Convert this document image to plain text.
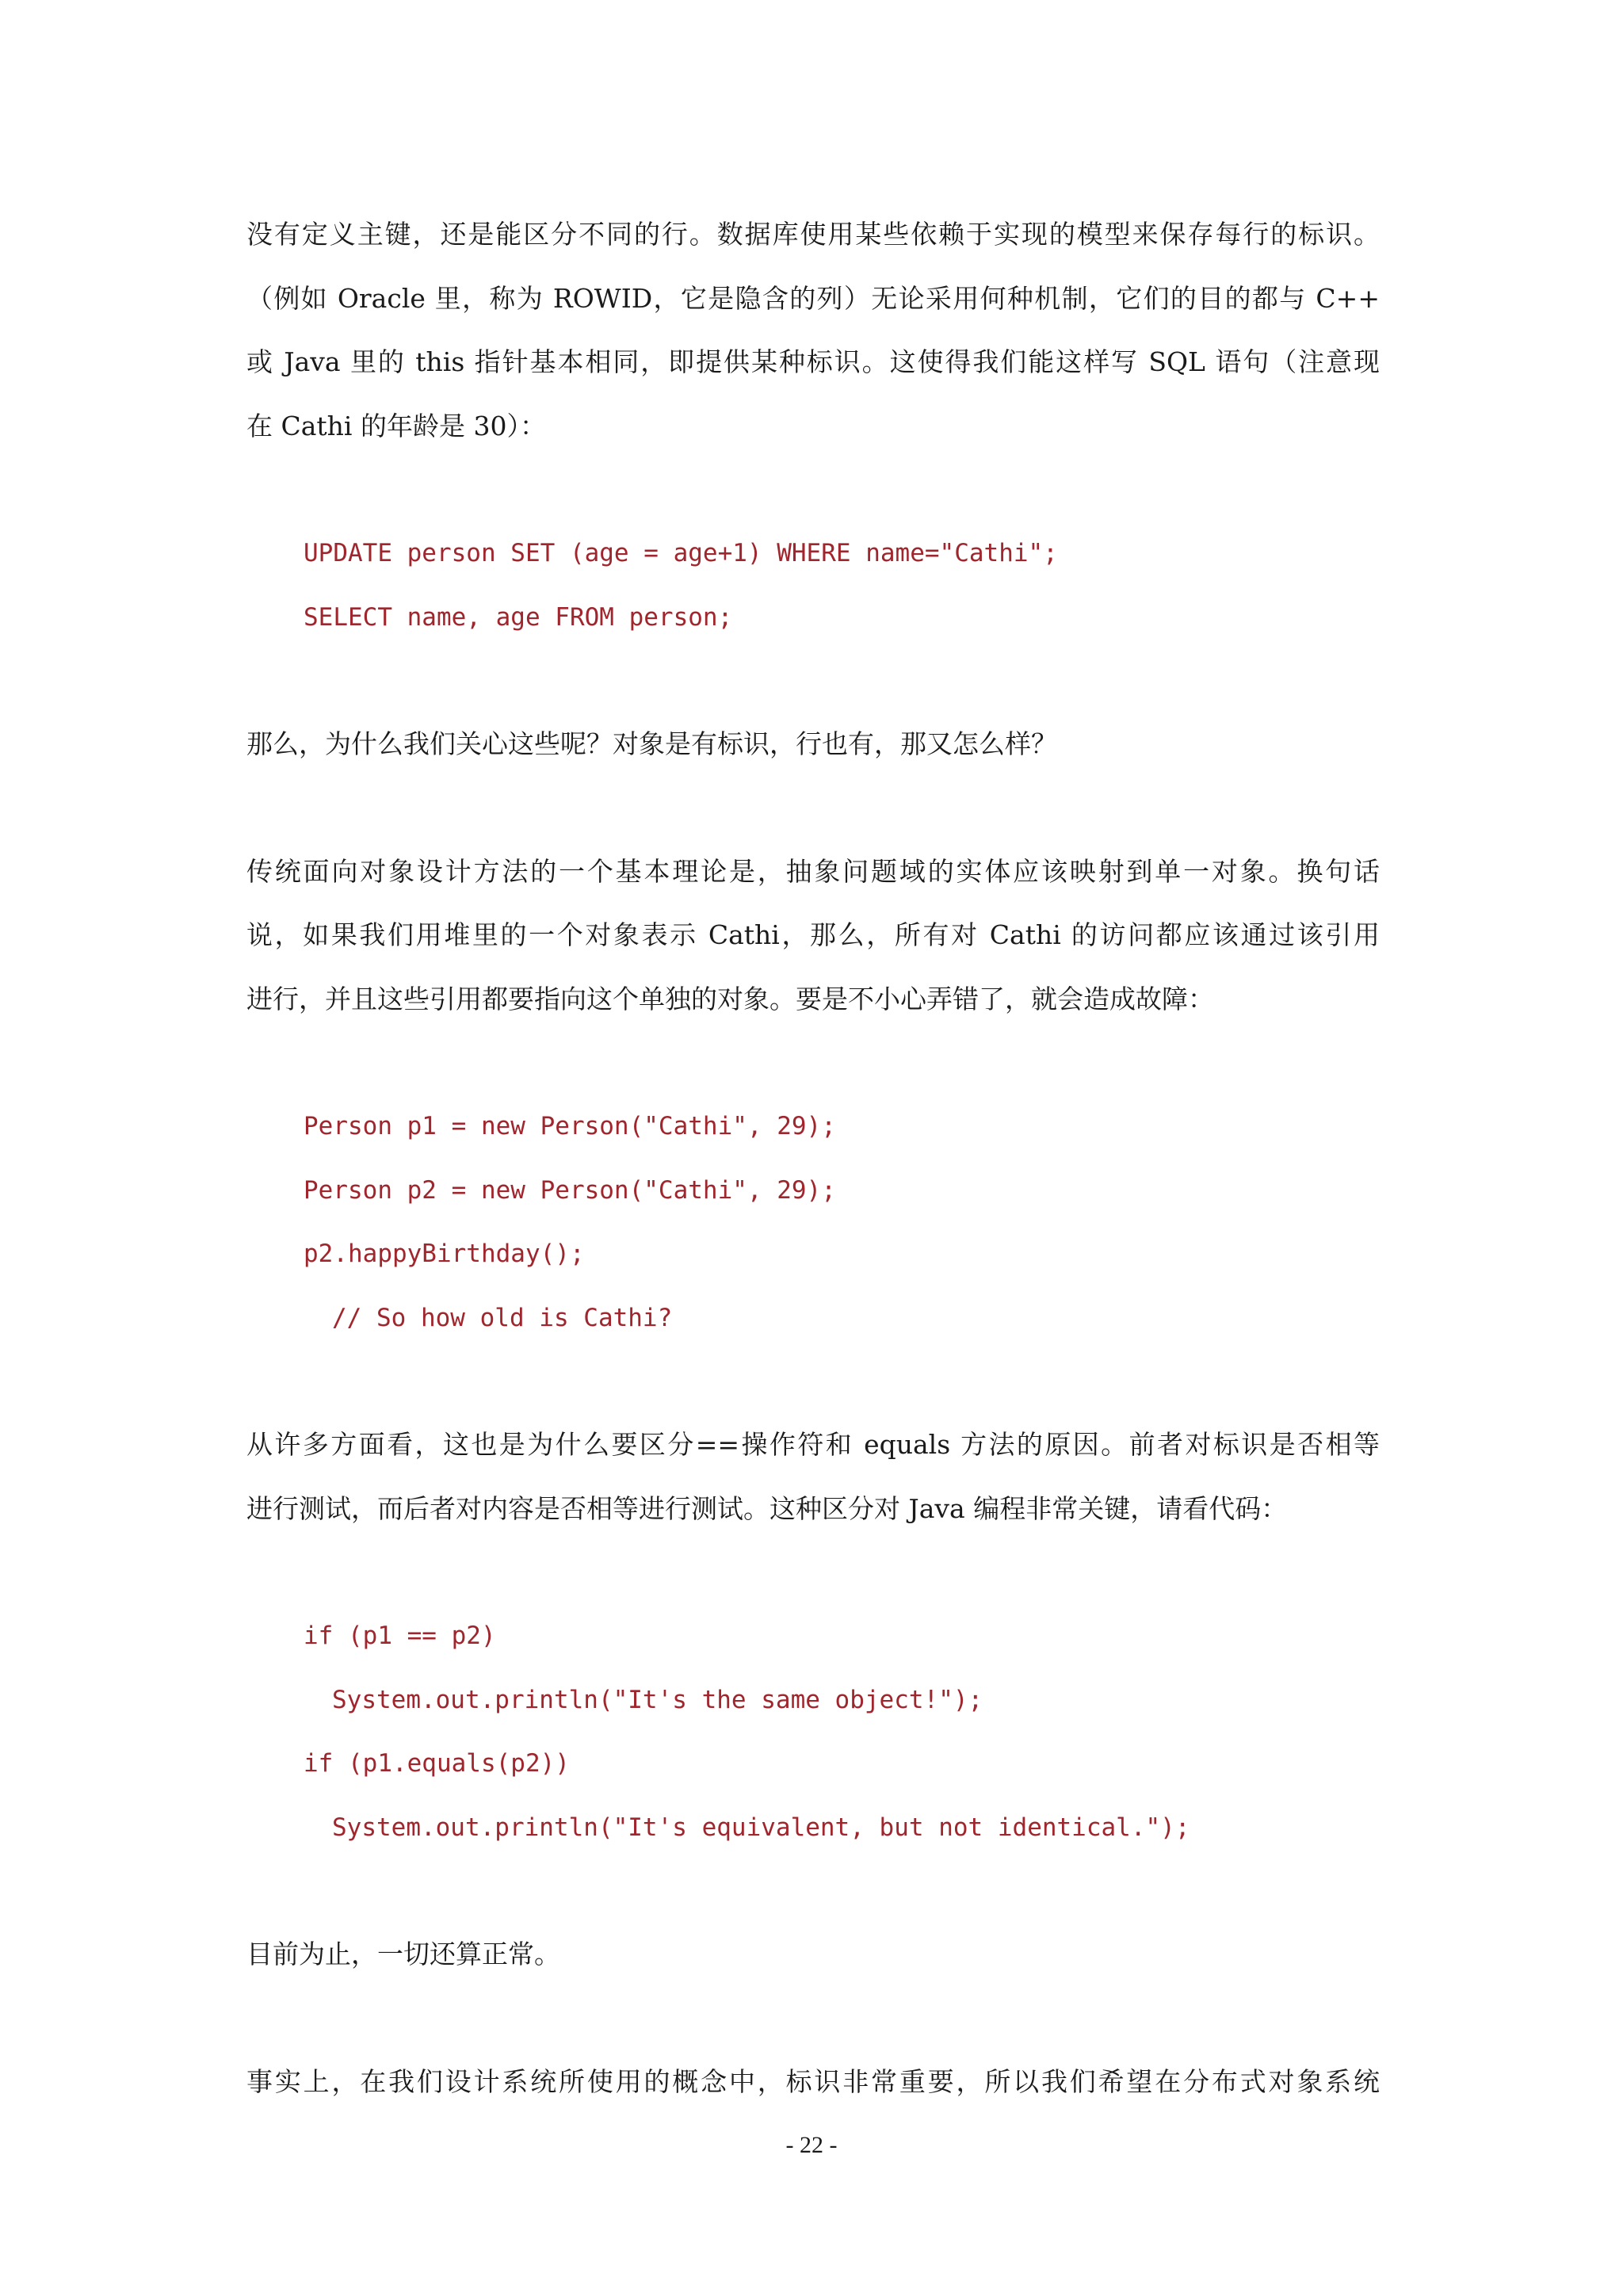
没有定义主键，还是能区分不同的行。数据库使用某些依赖于实现的模型来保存每行的标识。

（例如 Oracle 里，称为 ROWID，它是隐含的列）无论采用何种机制，它们的目的都与 C++

或 Java 里的 this 指针基本相同，即提供某种标识。这使得我们能这样写 SQL 语句（注意现

在 Cathi 的年龄是 30）：

UPDATE person SET (age = age+1) WHERE name="Cathi";
SELECT name, age FROM person;

那么，为什么我们关心这些呢？对象是有标识，行也有，那又怎么样？

传统面向对象设计方法的一个基本理论是，抽象问题域的实体应该映射到单一对象。换句话

说，如果我们用堆里的一个对象表示 Cathi，那么，所有对 Cathi 的访问都应该通过该引用

进行，并且这些引用都要指向这个单独的对象。要是不小心弄错了，就会造成故障：

Person p1 = new Person("Cathi", 29);
Person p2 = new Person("Cathi", 29);
p2.happyBirthday();
// So how old is Cathi?

从许多方面看，这也是为什么要区分==操作符和 equals 方法的原因。前者对标识是否相等

进行测试，而后者对内容是否相等进行测试。这种区分对 Java 编程非常关键，请看代码：

if (p1 == p2)
System.out.println("It's the same object!");
if (p1.equals(p2))
System.out.println("It's equivalent, but not identical.");

目前为止，一切还算正常。

事实上，在我们设计系统所使用的概念中，标识非常重要，所以我们希望在分布式对象系统

- 22 -
